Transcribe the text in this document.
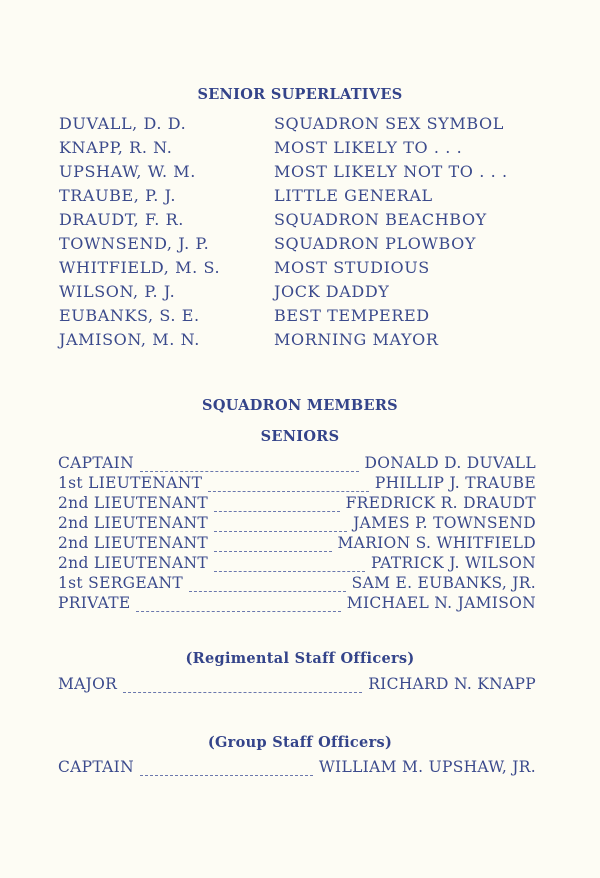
SENIOR SUPERLATIVES
DUVALL, D. D.	SQUADRON SEX SYMBOL
KNAPP, R. N.	MOST LIKELY TO . . .
UPSHAW, W. M.	MOST LIKELY NOT TO . . .
TRAUBE, P. J.	LITTLE GENERAL
DRAUDT, F. R.	SQUADRON BEACHBOY
TOWNSEND, J. P.	SQUADRON PLOWBOY
WHITFIELD, M. S.	MOST STUDIOUS
WILSON, P. J.	JOCK DADDY
EUBANKS, S. E.	BEST TEMPERED
JAMISON, M. N.	MORNING MAYOR
SQUADRON MEMBERS
SENIORS
CAPTAIN	DONALD D. DUVALL
1st LIEUTENANT	PHILLIP J. TRAUBE
2nd LIEUTENANT	FREDRICK R. DRAUDT
2nd LIEUTENANT	JAMES P. TOWNSEND
2nd LIEUTENANT	MARION S. WHITFIELD
2nd LIEUTENANT	PATRICK J. WILSON
1st SERGEANT	SAM E. EUBANKS, JR.
PRIVATE	MICHAEL N. JAMISON
(Regimental Staff Officers)
MAJOR	RICHARD N. KNAPP
(Group Staff Officers)
CAPTAIN	WILLIAM M. UPSHAW, JR.
